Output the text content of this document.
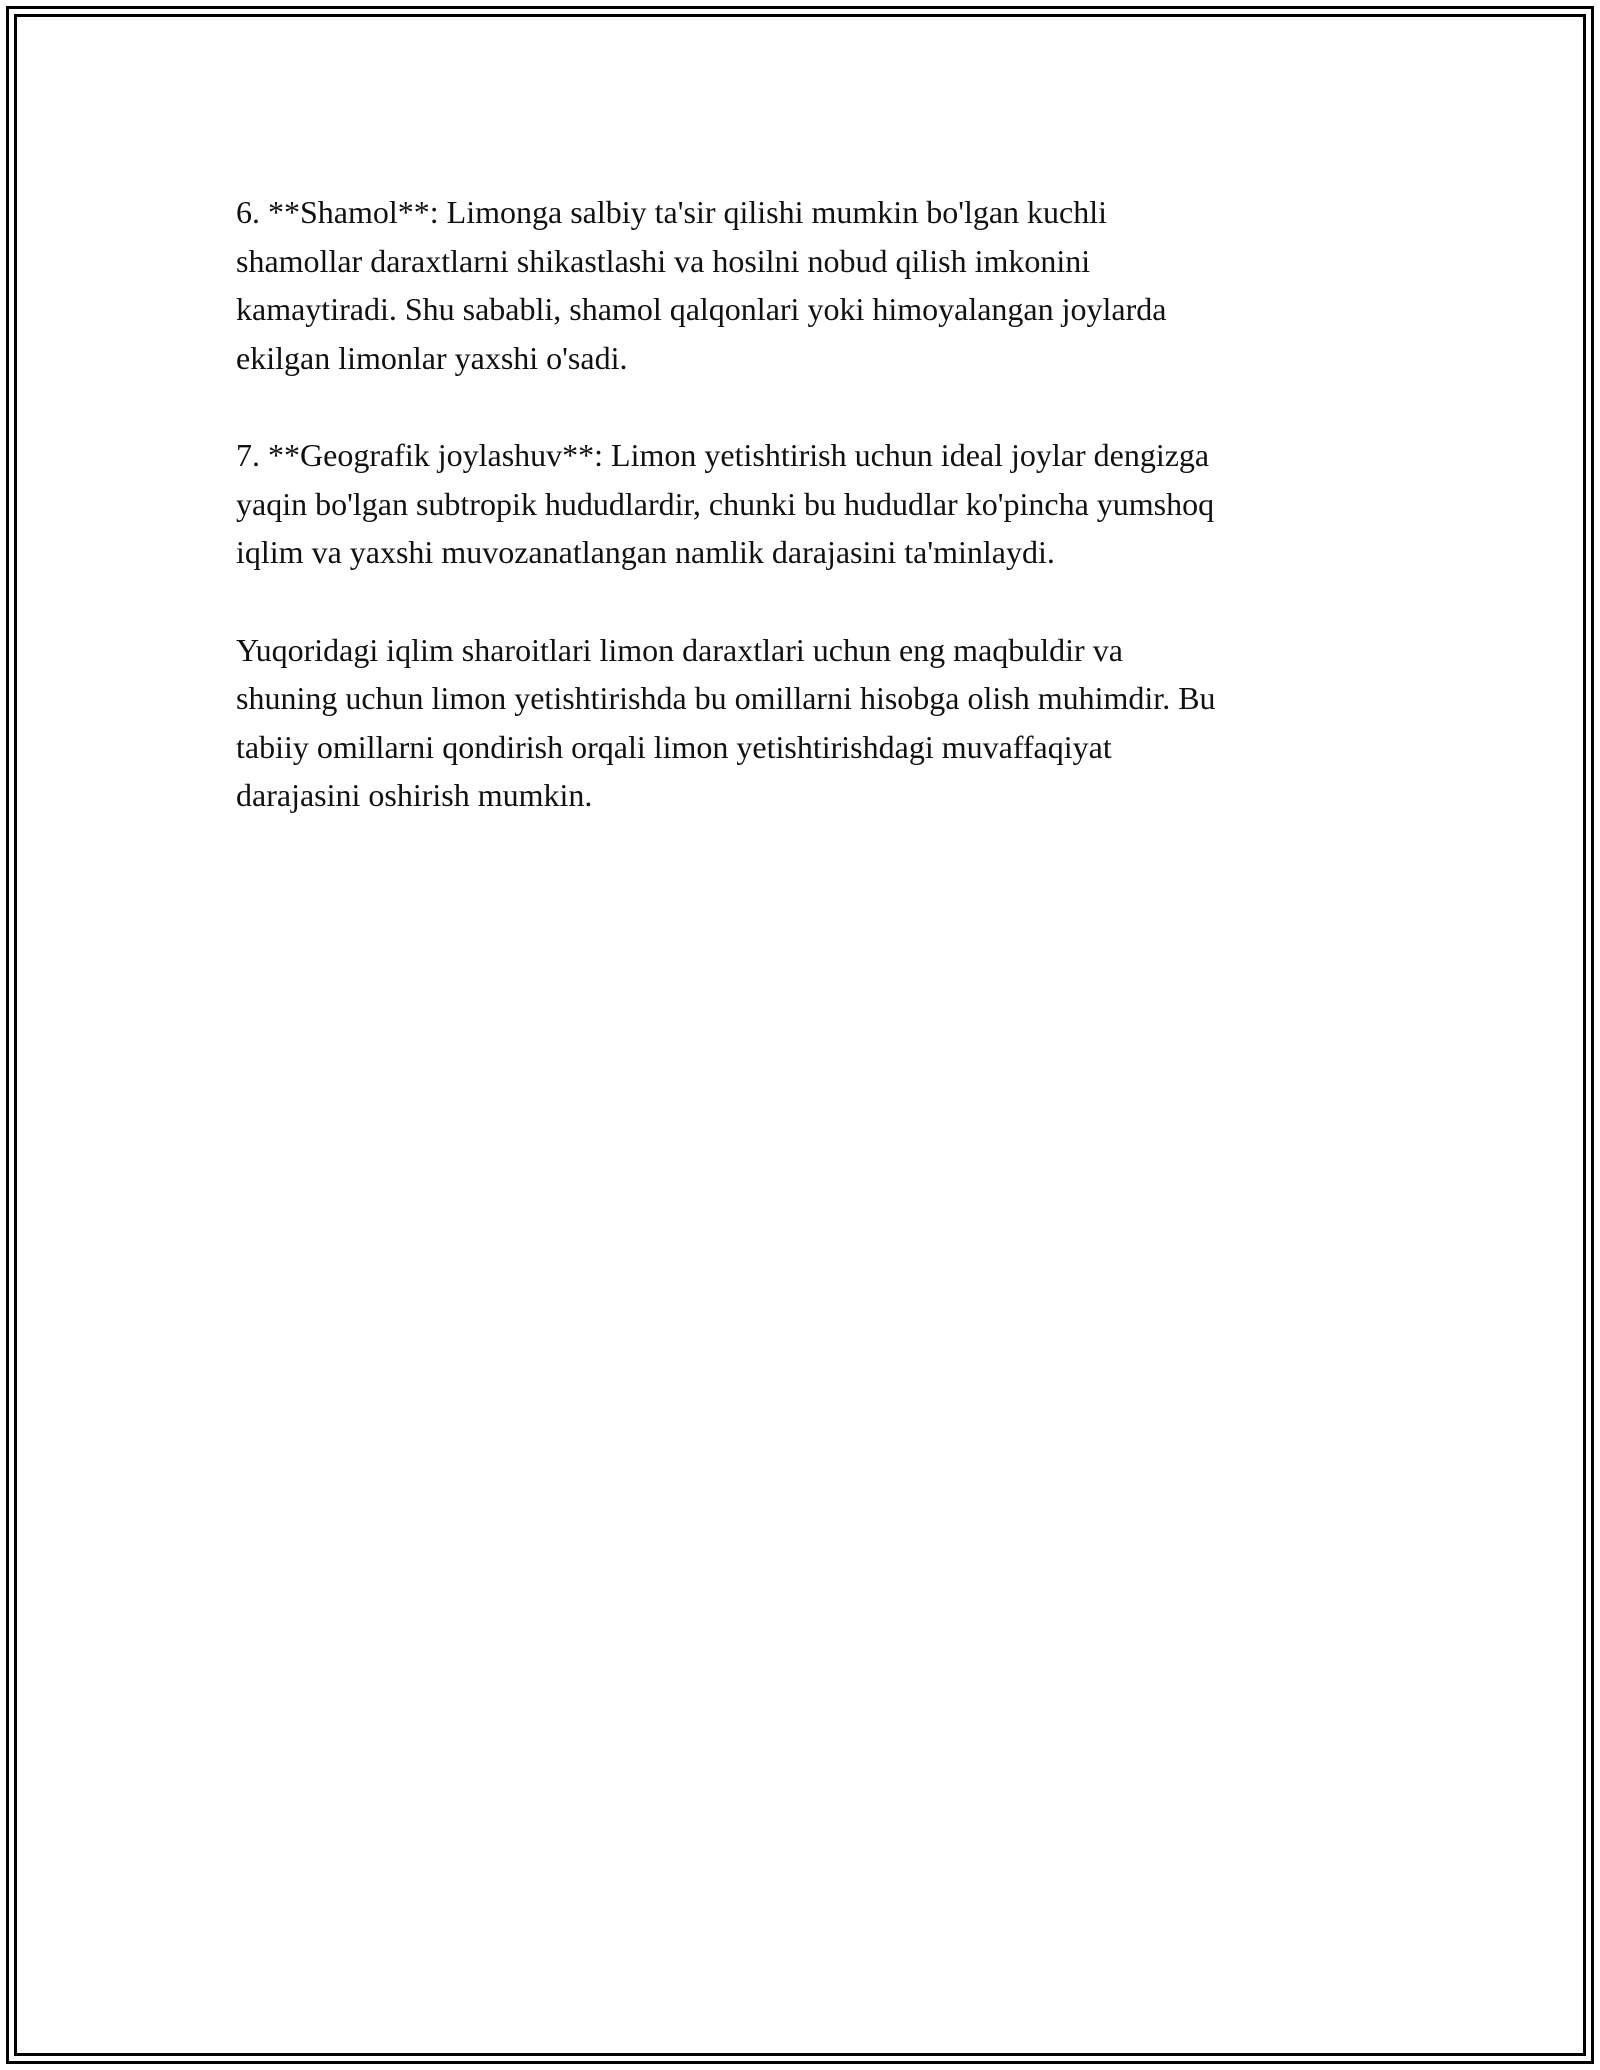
6. **Shamol**: Limonga salbiy ta'sir qilishi mumkin bo'lgan kuchli
shamollar daraxtlarni shikastlashi va hosilni nobud qilish imkonini
kamaytiradi. Shu sababli, shamol qalqonlari yoki himoyalangan joylarda
ekilgan limonlar yaxshi o'sadi.

7. **Geografik joylashuv**: Limon yetishtirish uchun ideal joylar dengizga
yaqin bo'lgan subtropik hududlardir, chunki bu hududlar ko'pincha yumshoq
iqlim va yaxshi muvozanatlangan namlik darajasini ta'minlaydi.

Yuqoridagi iqlim sharoitlari limon daraxtlari uchun eng maqbuldir va
shuning uchun limon yetishtirishda bu omillarni hisobga olish muhimdir. Bu
tabiiy omillarni qondirish orqali limon yetishtirishdagi muvaffaqiyat
darajasini oshirish mumkin.
